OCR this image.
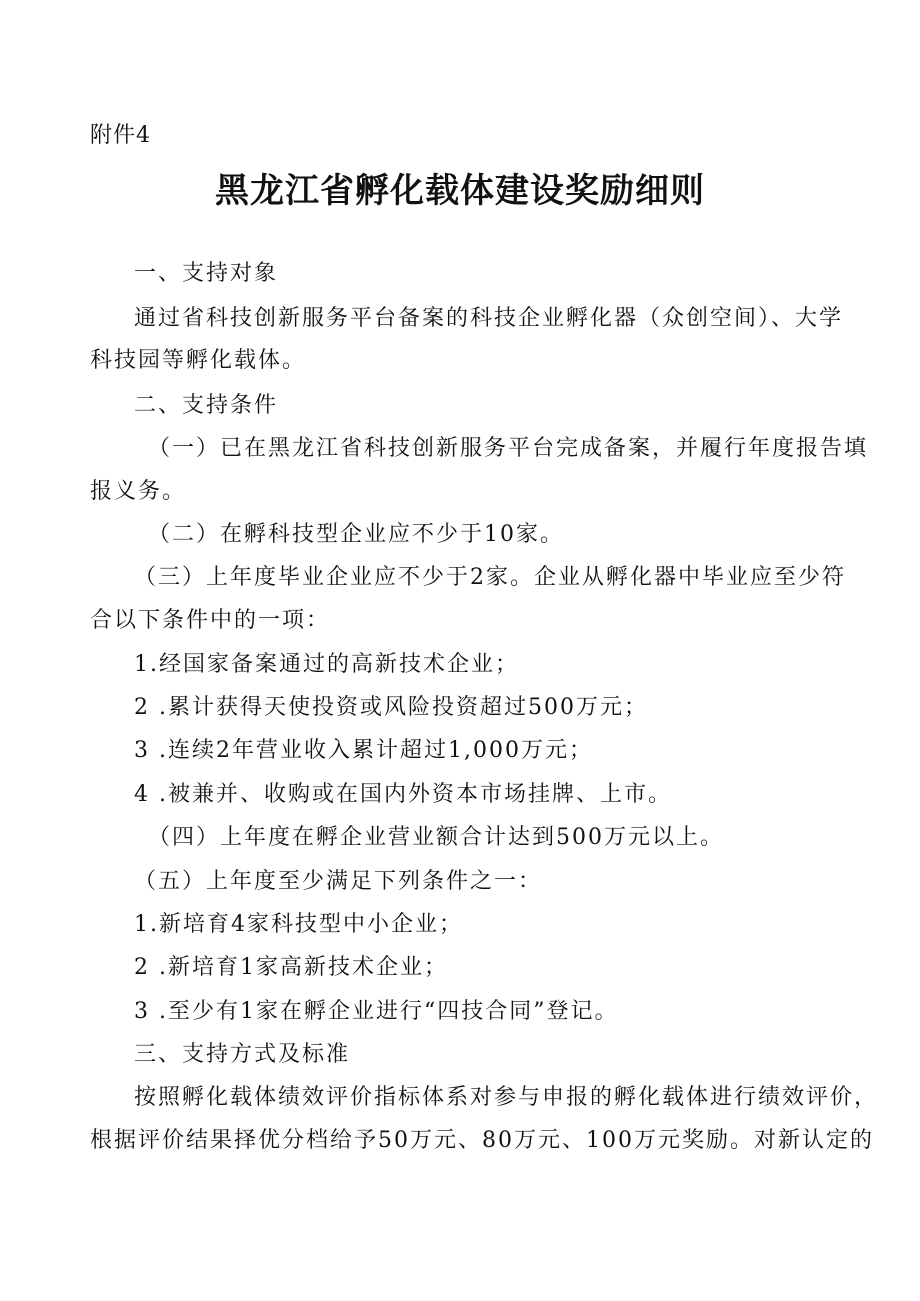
附件4
黑龙江省孵化载体建设奖励细则
一、支持对象
通过省科技创新服务平台备案的科技企业孵化器（众创空间）、大学
科技园等孵化载体。
二、支持条件
（一）已在黑龙江省科技创新服务平台完成备案，并履行年度报告填
报义务。
（二）在孵科技型企业应不少于10家。
（三）上年度毕业企业应不少于2家。企业从孵化器中毕业应至少符
合以下条件中的一项：
1.经国家备案通过的高新技术企业；
2 .累计获得天使投资或风险投资超过500万元；
3 .连续2年营业收入累计超过1,000万元；
4 .被兼并、收购或在国内外资本市场挂牌、上市。
（四）上年度在孵企业营业额合计达到500万元以上。
（五）上年度至少满足下列条件之一：
1.新培育4家科技型中小企业；
2 .新培育1家高新技术企业；
3 .至少有1家在孵企业进行“四技合同”登记。
三、支持方式及标准
按照孵化载体绩效评价指标体系对参与申报的孵化载体进行绩效评价，
根据评价结果择优分档给予50万元、80万元、100万元奖励。对新认定的
